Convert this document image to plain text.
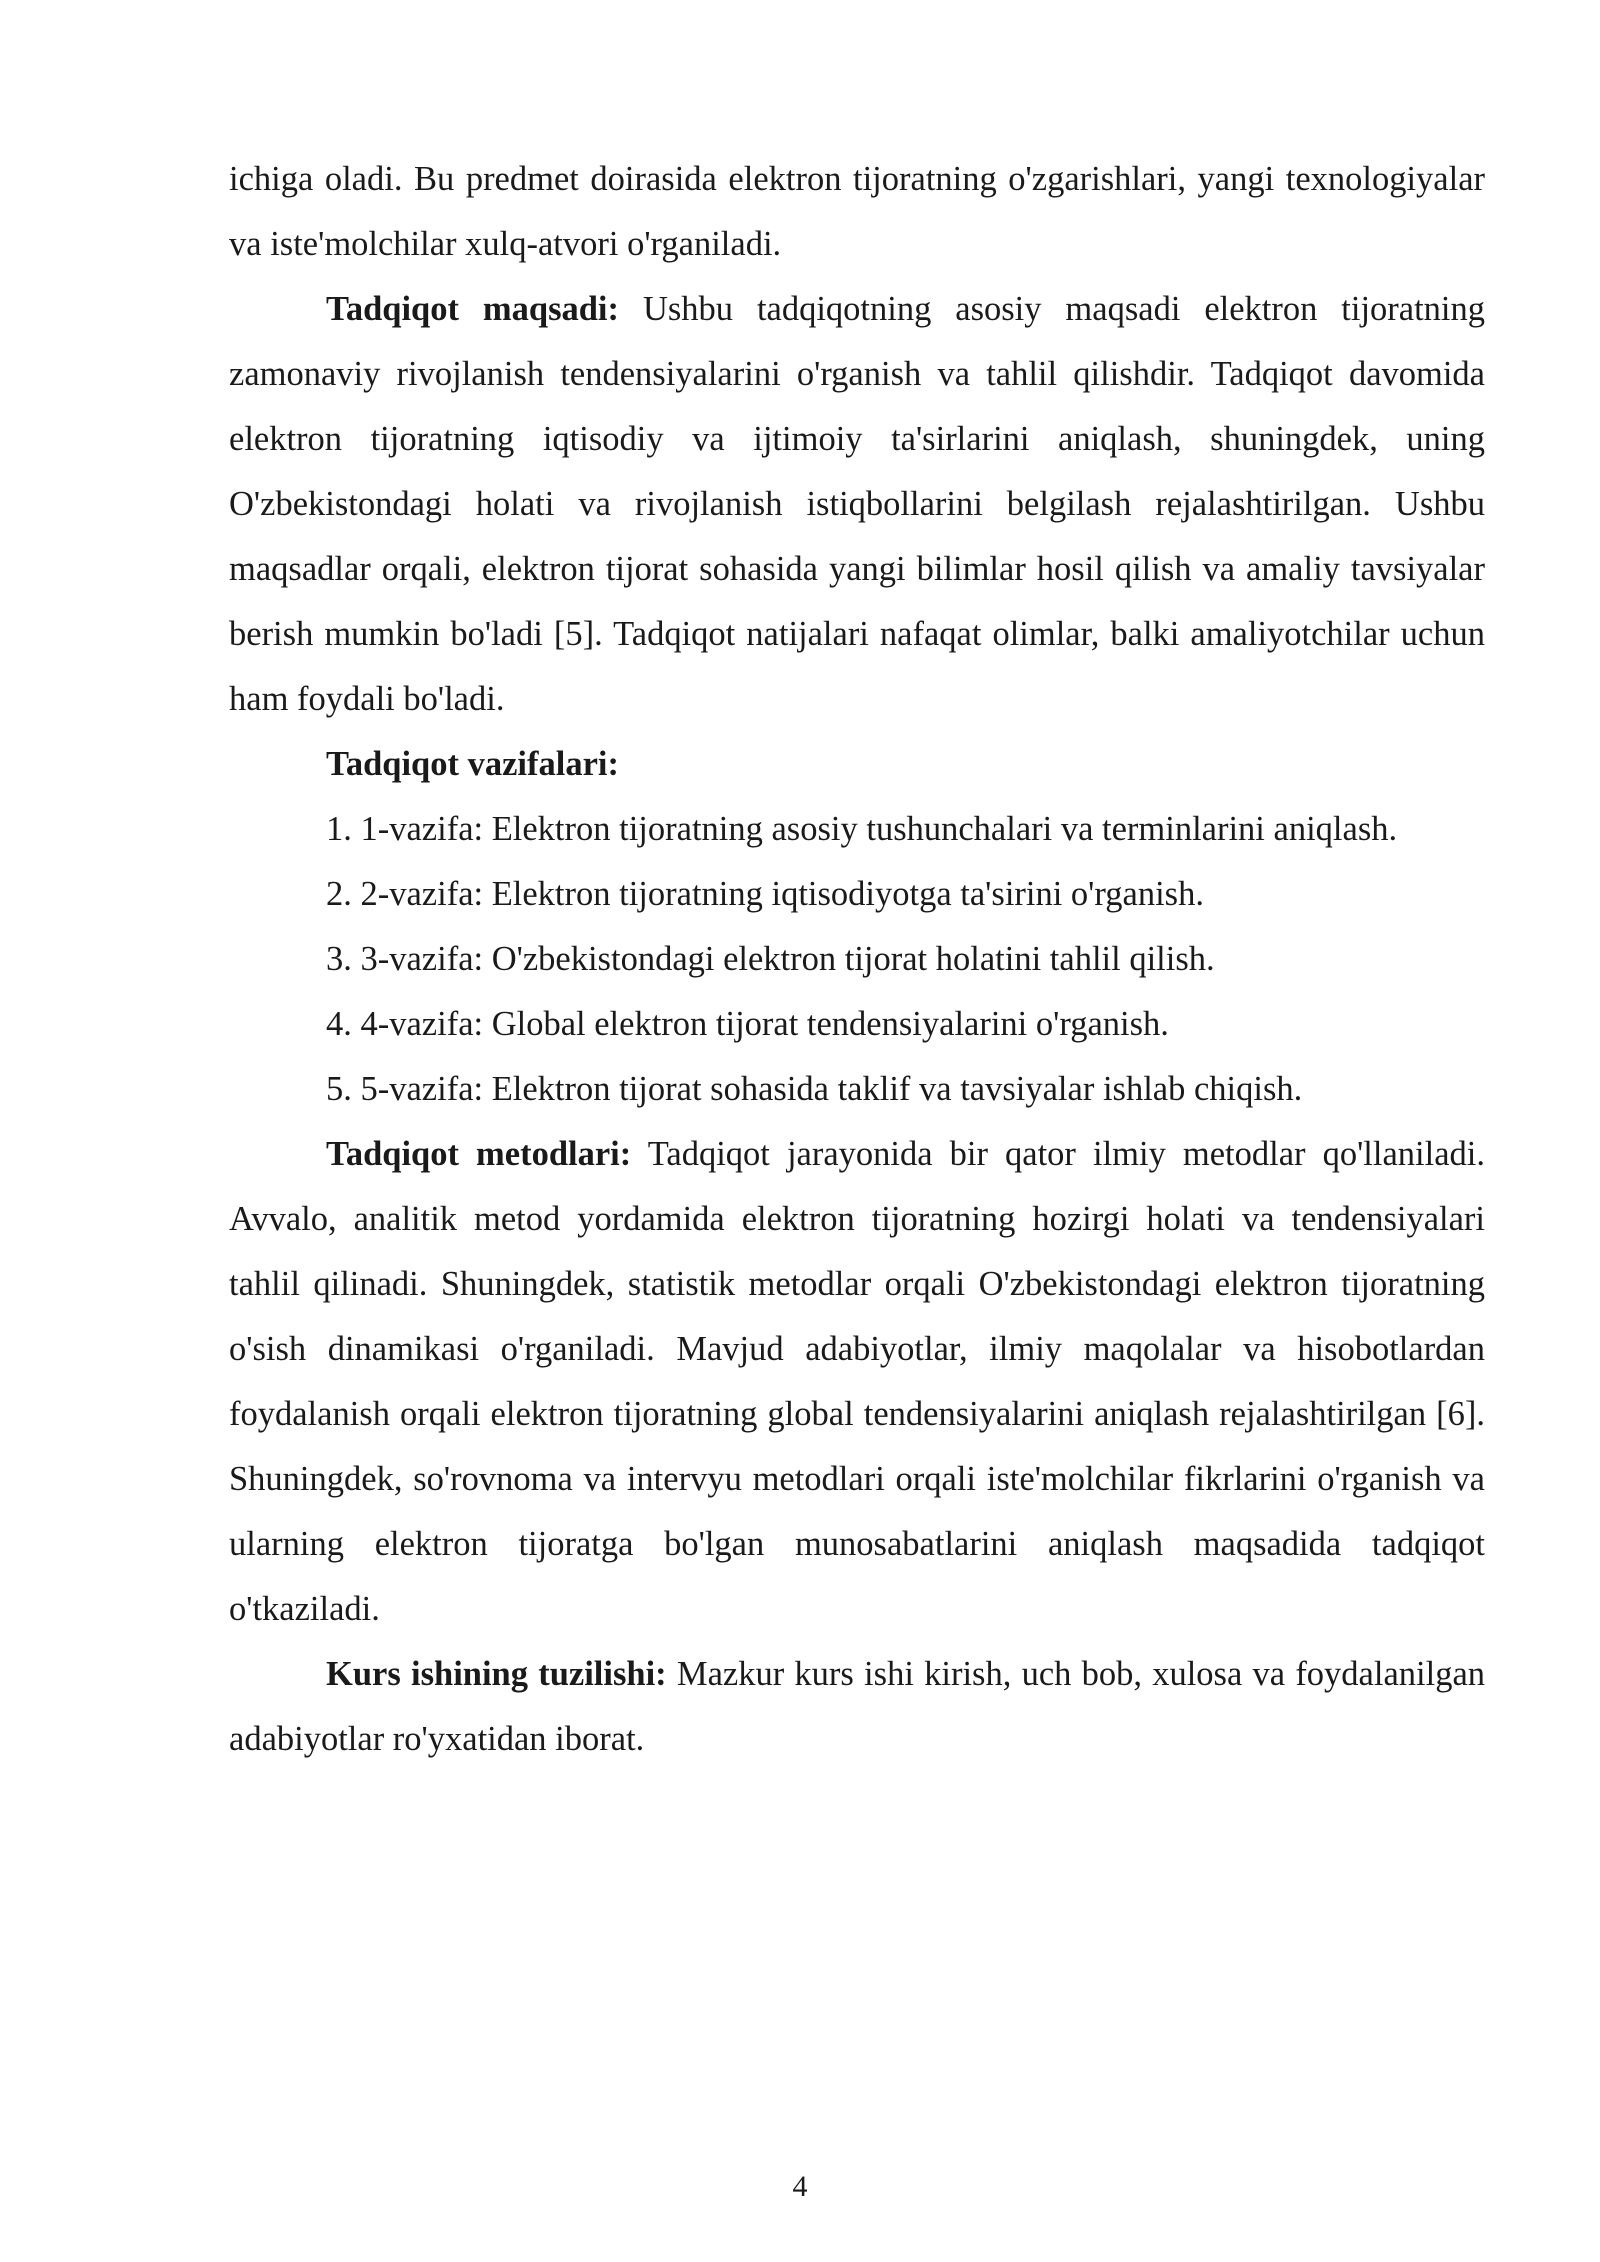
ichiga oladi. Bu predmet doirasida elektron tijoratning o'zgarishlari, yangi texnologiyalar va iste'molchilar xulq-atvori o'rganiladi.

Tadqiqot maqsadi: Ushbu tadqiqotning asosiy maqsadi elektron tijoratning zamonaviy rivojlanish tendensiyalarini o'rganish va tahlil qilishdir. Tadqiqot davomida elektron tijoratning iqtisodiy va ijtimoiy ta'sirlarini aniqlash, shuningdek, uning O'zbekistondagi holati va rivojlanish istiqbollarini belgilash rejalashtirilgan. Ushbu maqsadlar orqali, elektron tijorat sohasida yangi bilimlar hosil qilish va amaliy tavsiyalar berish mumkin bo'ladi [5]. Tadqiqot natijalari nafaqat olimlar, balki amaliyotchilar uchun ham foydali bo'ladi.

Tadqiqot vazifalari:

1. 1-vazifa: Elektron tijoratning asosiy tushunchalari va terminlarini aniqlash.
2. 2-vazifa: Elektron tijoratning iqtisodiyotga ta'sirini o'rganish.
3. 3-vazifa: O'zbekistondagi elektron tijorat holatini tahlil qilish.
4. 4-vazifa: Global elektron tijorat tendensiyalarini o'rganish.
5. 5-vazifa: Elektron tijorat sohasida taklif va tavsiyalar ishlab chiqish.

Tadqiqot metodlari: Tadqiqot jarayonida bir qator ilmiy metodlar qo'llaniladi. Avvalo, analitik metod yordamida elektron tijoratning hozirgi holati va tendensiyalari tahlil qilinadi. Shuningdek, statistik metodlar orqali O'zbekistondagi elektron tijoratning o'sish dinamikasi o'rganiladi. Mavjud adabiyotlar, ilmiy maqolalar va hisobotlardan foydalanish orqali elektron tijoratning global tendensiyalarini aniqlash rejalashtirilgan [6]. Shuningdek, so'rovnoma va intervyu metodlari orqali iste'molchilar fikrlarini o'rganish va ularning elektron tijoratga bo'lgan munosabatlarini aniqlash maqsadida tadqiqot o'tkaziladi.

Kurs ishining tuzilishi: Mazkur kurs ishi kirish, uch bob, xulosa va foydalanilgan adabiyotlar ro'yxatidan iborat.

4
